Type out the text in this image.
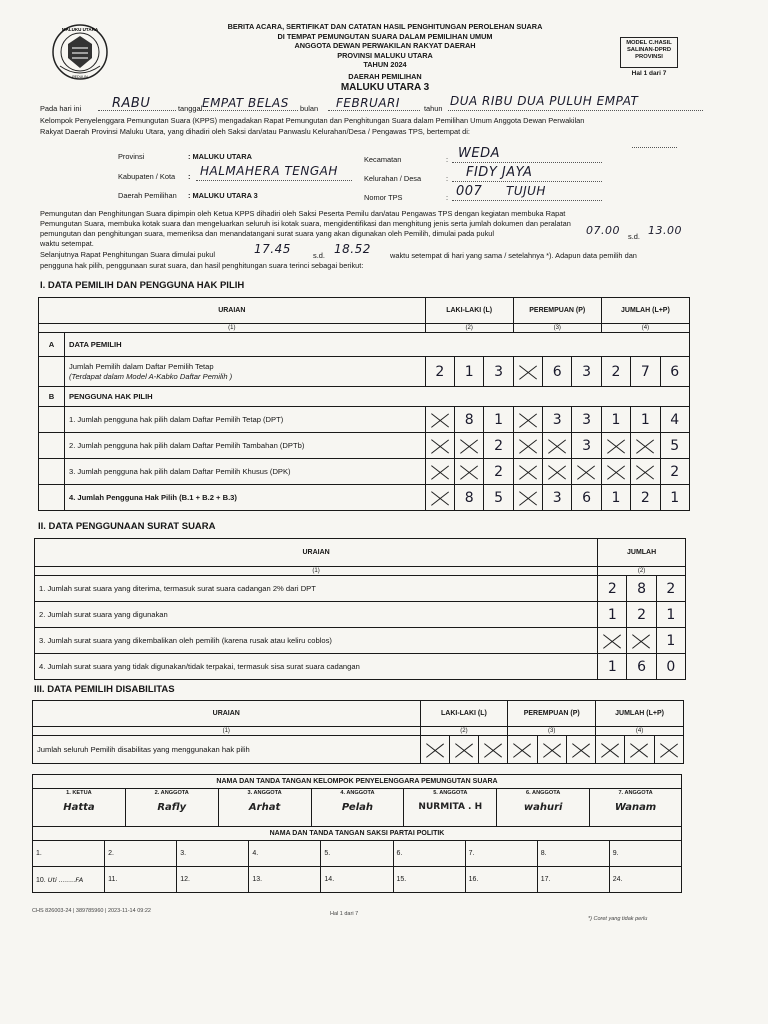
MALUKU UTARA
PEDULIN
BERITA ACARA, SERTIFIKAT DAN CATATAN HASIL PENGHITUNGAN PEROLEHAN SUARA
DI TEMPAT PEMUNGUTAN SUARA DALAM PEMILIHAN UMUM
ANGGOTA DEWAN PERWAKILAN RAKYAT DAERAH
PROVINSI MALUKU UTARA
TAHUN 2024
DAERAH PEMILIHAN
MALUKU UTARA 3
MODEL C.HASIL
SALINAN-DPRD
PROVINSI
Hal 1 dari 7
Pada hari ini RABU	tanggal EMPAT BELAS bulan FEBRUARI	tahun
DUA RIBU DUA PULUH EMPAT
Kelompok Penyelenggara Pemungutan Suara (KPPS) mengadakan Rapat Pemungutan dan Penghitungan Suara dalam Pemilihan Umum Anggota Dewan Perwakilan
Rakyat Daerah Provinsi Maluku Utara, yang dihadiri oleh Saksi dan/atau Panwaslu Kelurahan/Desa / Pengawas TPS, bertempat di:
Provinsi	: MALUKU UTARA
Kabupaten / Kota : HALMAHERA TENGAH
Daerah Pemilihan : MALUKU UTARA 3
Kecamatan	: WEDA
Kelurahan / Desa	: FIDY JAYA
Nomor TPS	: 007 TUJUH
Pemungutan dan Penghitungan Suara dipimpin oleh Ketua KPPS dihadiri oleh Saksi Peserta Pemilu dan/atau Pengawas TPS dengan kegiatan membuka Rapat
Pemungutan Suara, membuka kotak suara dan mengeluarkan seluruh isi kotak suara, mengidentifikasi dan menghitung jenis serta jumlah dokumen dan peralatan
pemungutan dan penghitungan suara, memeriksa dan menandatangani surat suara yang akan digunakan oleh Pemilih, dimulai pada pukul	07.00 s.d. 13.00
waktu setempat.
Selanjutnya Rapat Penghitungan Suara dimulai pukul	17.45	s.d. 18.52	waktu setempat di hari yang sama / setelahnya *). Adapun data pemilih dan
pengguna hak pilih, penggunaan surat suara, dan hasil penghitungan suara terinci sebagai berikut:
I. DATA PEMILIH DAN PENGGUNA HAK PILIH
URAIAN		LAKI-LAKI (L)			PEREMPUAN (P)			JUMLAH (L+P)		
(1)		(2)			(3)			(4)		
A	DATA PEMILIH									

	Jumlah Pemilih dalam Daftar Pemilih Tetap
(Terdapat dalam Model A-Kabko Daftar Pemilih )	2	1	3		6	3	2	7	6
B	PENGGUNA HAK PILIH									
	1. Jumlah pengguna hak pilih dalam Daftar Pemilih Tetap (DPT)		8	1		3	3	1	1	4
	2. Jumlah pengguna hak pilih dalam Daftar Pemilih Tambahan (DPTb)			2			3			5
	3. Jumlah pengguna hak pilih dalam Daftar Pemilih Khusus (DPK)			2						2
	4. Jumlah Pengguna Hak Pilih (B.1 + B.2 + B.3)		8	5		3	6	1	2	1
II. DATA PENGGUNAAN SURAT SUARA
URAIAN	JUMLAH		
(1)	(2)		
1. Jumlah surat suara yang diterima, termasuk surat suara cadangan 2% dari DPT	2	8	2
2. Jumlah surat suara yang digunakan	1	2	1
3. Jumlah surat suara yang dikembalikan oleh pemilih (karena rusak atau keliru coblos)			1
4. Jumlah surat suara yang tidak digunakan/tidak terpakai, termasuk sisa surat suara cadangan	1	6	0
III. DATA PEMILIH DISABILITAS
URAIAN	LAKI-LAKI (L)			PEREMPUAN (P)			JUMLAH (L+P)		
(1)	(2)			(3)			(4)		
Jumlah seluruh Pemilih disabilitas yang menggunakan hak pilih									
NAMA DAN TANDA TANGAN KELOMPOK PENYELENGGARA PEMUNGUTAN SUARA
1. KETUA
Hatta
	2. ANGGOTA
Rafly
	3. ANGGOTA
Arhat
	4. ANGGOTA
Pelah
	5. ANGGOTA
NURMITA . H
	6. ANGGOTA
wahuri
	7. ANGGOTA
Wanam
NAMA DAN TANDA TANGAN SAKSI PARTAI POLITIK
1.	2.	3.	4.	5.	6.	7.	8.	9.
10. Uti ........FA	11.	12.	13.	14.	15.	16.	17.	24.
CHS 826003-24 | 389785960 | 2023-11-14 09:22	Hal 1 dari 7
*) Coret yang tidak perlu
